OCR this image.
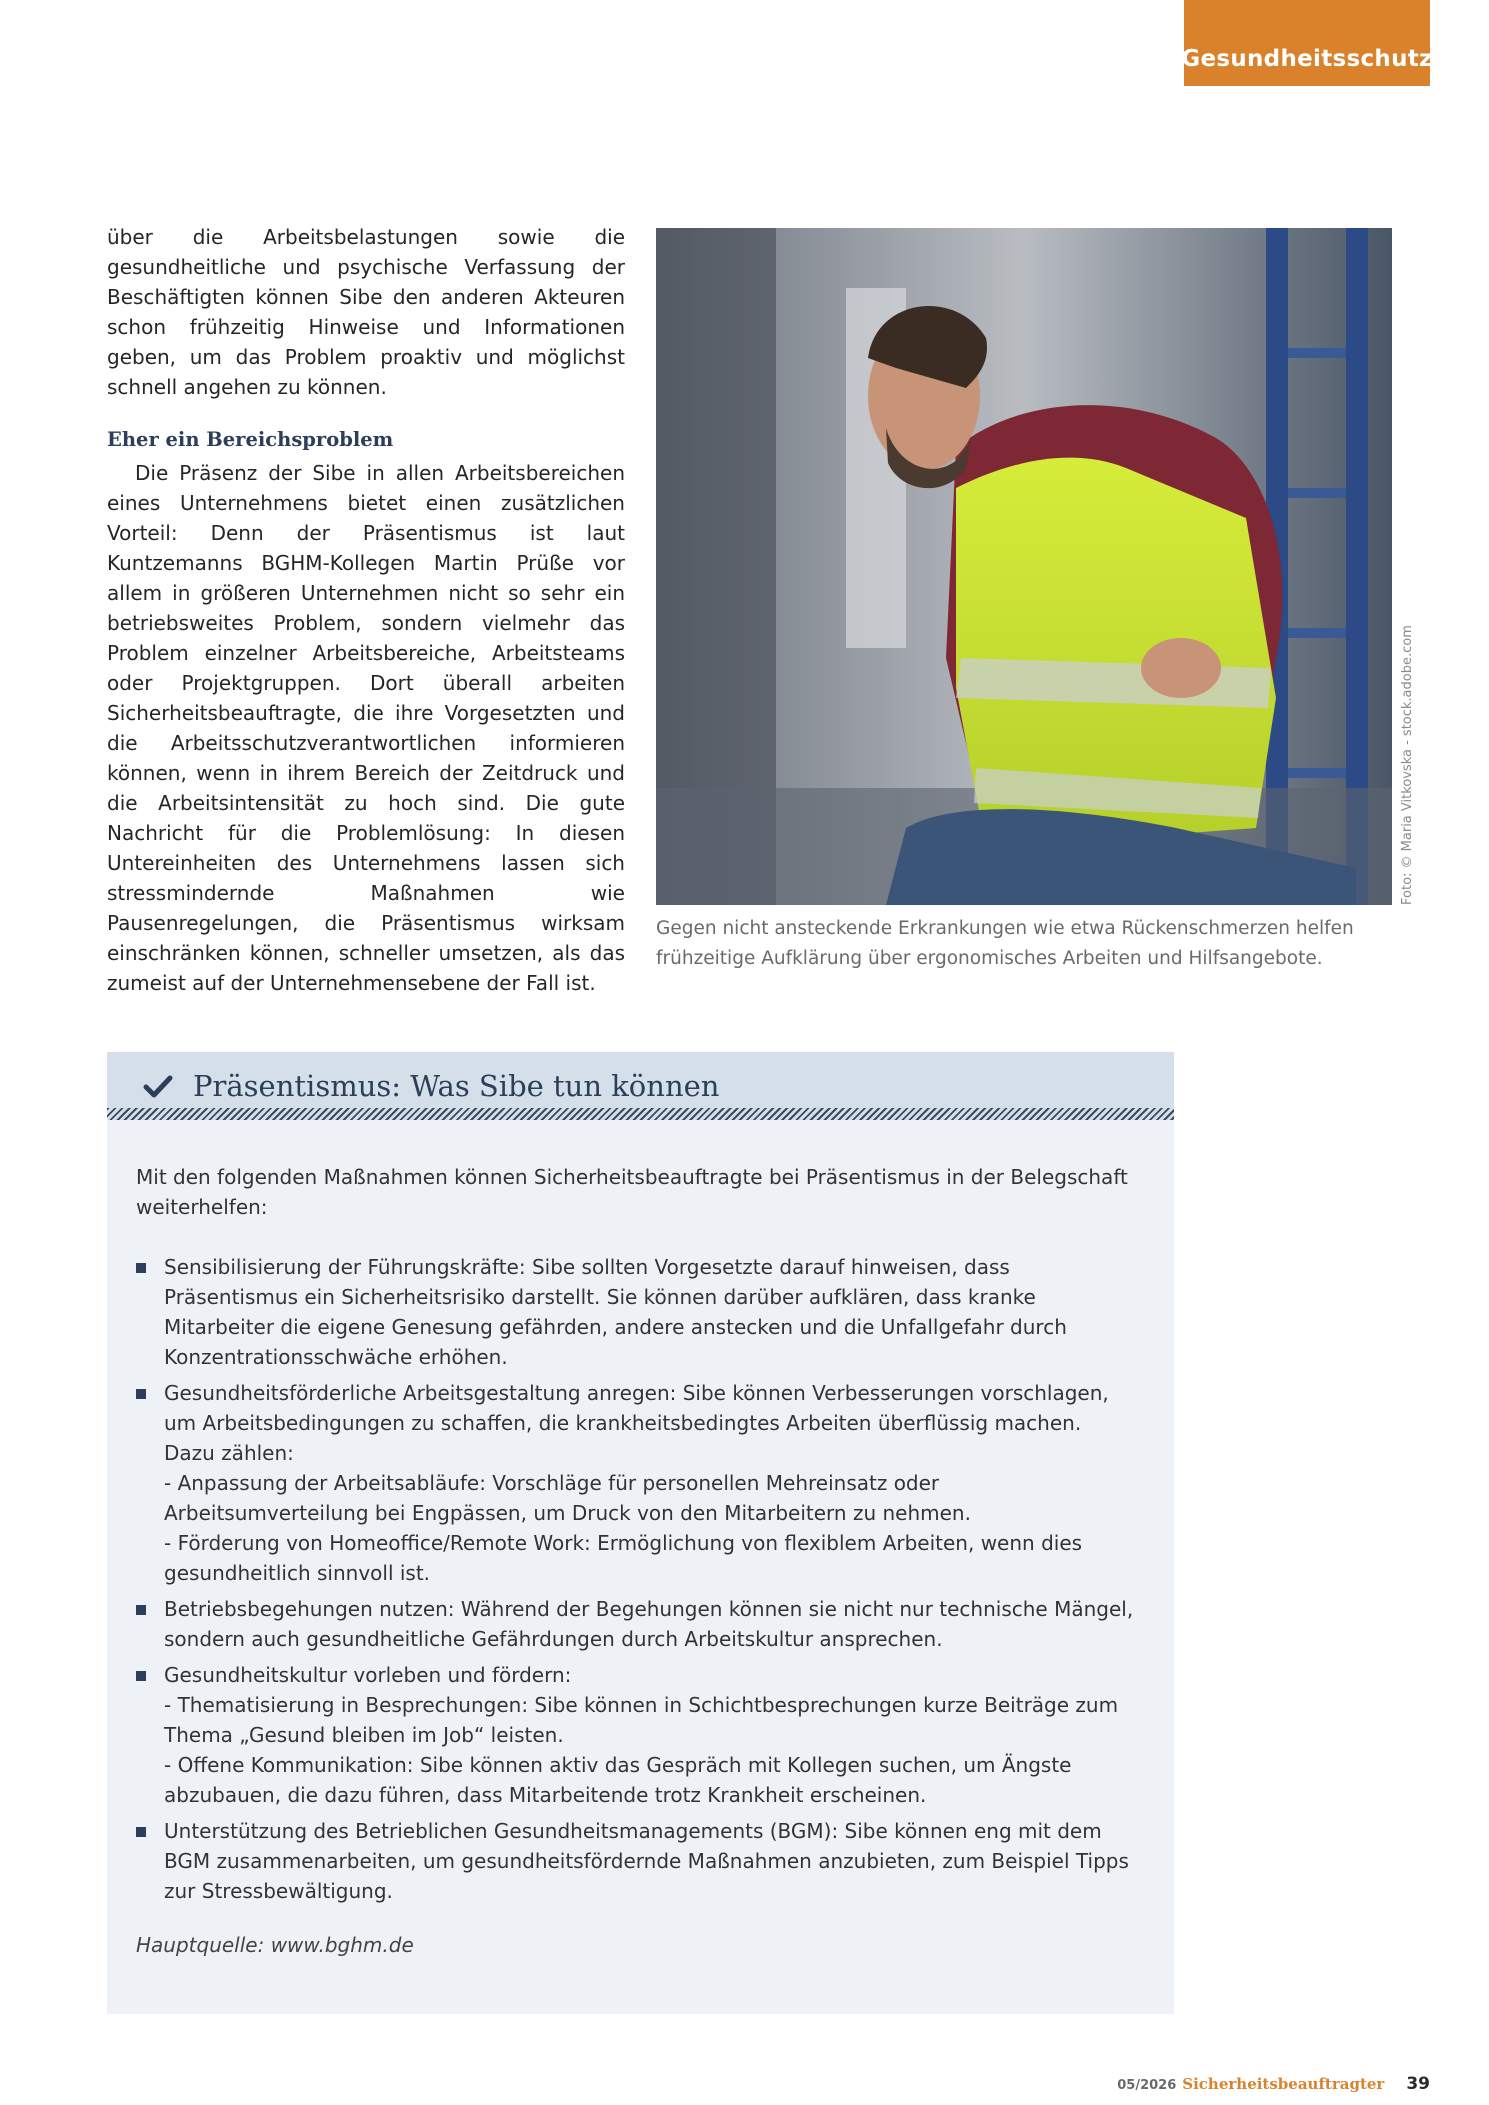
Gesundheitsschutz

über die Arbeitsbelastungen sowie die gesundheitliche und psychische Verfassung der Beschäftigten können Sibe den anderen Akteuren schon frühzeitig Hinweise und Informationen geben, um das Problem proaktiv und möglichst schnell angehen zu können.

Eher ein Bereichsproblem

Die Präsenz der Sibe in allen Arbeitsbereichen eines Unternehmens bietet einen zusätzlichen Vorteil: Denn der Präsentismus ist laut Kuntzemanns BGHM-Kollegen Martin Prüße vor allem in größeren Unternehmen nicht so sehr ein betriebsweites Problem, sondern vielmehr das Problem einzelner Arbeitsbereiche, Arbeitsteams oder Projektgruppen. Dort überall arbeiten Sicherheitsbeauftragte, die ihre Vorgesetzten und die Arbeitsschutzverantwortlichen informieren können, wenn in ihrem Bereich der Zeitdruck und die Arbeitsintensität zu hoch sind. Die gute Nachricht für die Problemlösung: In diesen Untereinheiten des Unternehmens lassen sich stressmindernde Maßnahmen wie Pausenregelungen, die Präsentismus wirksam einschränken können, schneller umsetzen, als das zumeist auf der Unternehmensebene der Fall ist.

Foto: © Maria Vitkovska - stock.adobe.com
Gegen nicht ansteckende Erkrankungen wie etwa Rückenschmerzen helfen frühzeitige Aufklärung über ergonomisches Arbeiten und Hilfsangebote.
Präsentismus: Was Sibe tun können

Mit den folgenden Maßnahmen können Sicherheitsbeauftragte bei Präsentismus in der Belegschaft weiterhelfen:

Sensibilisierung der Führungskräfte: Sibe sollten Vorgesetzte darauf hinweisen, dass Präsentismus ein Sicherheitsrisiko darstellt. Sie können darüber aufklären, dass kranke Mitarbeiter die eigene Genesung gefährden, andere anstecken und die Unfallgefahr durch Konzentrationsschwäche erhöhen.
Gesundheitsförderliche Arbeitsgestaltung anregen: Sibe können Verbesserungen vorschlagen, um Arbeitsbedingungen zu schaffen, die krankheitsbedingtes Arbeiten überflüssig machen.
Dazu zählen:
- Anpassung der Arbeitsabläufe: Vorschläge für personellen Mehreinsatz oder Arbeitsumverteilung bei Engpässen, um Druck von den Mitarbeitern zu nehmen.
- Förderung von Homeoffice/Remote Work: Ermöglichung von flexiblem Arbeiten, wenn dies gesundheitlich sinnvoll ist.
Betriebsbegehungen nutzen: Während der Begehungen können sie nicht nur technische Mängel, sondern auch gesundheitliche Gefährdungen durch Arbeitskultur ansprechen.
Gesundheitskultur vorleben und fördern:
- Thematisierung in Besprechungen: Sibe können in Schichtbesprechungen kurze Beiträge zum Thema „Gesund bleiben im Job“ leisten.
- Offene Kommunikation: Sibe können aktiv das Gespräch mit Kollegen suchen, um Ängste abzubauen, die dazu führen, dass Mitarbeitende trotz Krankheit erscheinen.
Unterstützung des Betrieblichen Gesundheitsmanagements (BGM): Sibe können eng mit dem BGM zusammenarbeiten, um gesundheitsfördernde Maßnahmen anzubieten, zum Beispiel Tipps zur Stressbewältigung.

Hauptquelle: www.bghm.de

05/2026 Sicherheitsbeauftragter 39
